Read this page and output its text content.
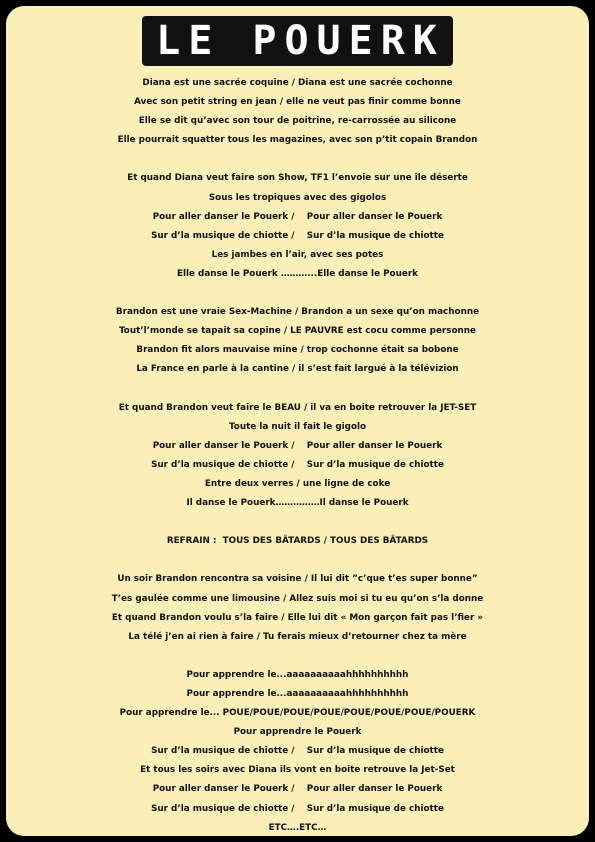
LE POUERK
Diana est une sacrée coquine / Diana est une sacrée cochonne
Avec son petit string en jean / elle ne veut pas finir comme bonne
Elle se dit qu’avec son tour de poitrine, re-carrossée au silicone
Elle pourrait squatter tous les magazines, avec son p’tit copain Brandon
Et quand Diana veut faire son Show, TF1 l’envoie sur une île déserte
Sous les tropiques avec des gigolos
Pour aller danser le Pouerk /    Pour aller danser le Pouerk
Sur d’la musique de chiotte /    Sur d’la musique de chiotte
Les jambes en l’air, avec ses potes
Elle danse le Pouerk ………...Elle danse le Pouerk
Brandon est une vraie Sex-Machine / Brandon a un sexe qu’on machonne
Tout’l’monde se tapait sa copine / LE PAUVRE est cocu comme personne
Brandon fit alors mauvaise mine / trop cochonne était sa bobone
La France en parle à la cantine / il s’est fait largué à la télévizion
Et quand Brandon veut faire le BEAU / il va en boite retrouver la JET-SET
Toute la nuit il fait le gigolo
Pour aller danser le Pouerk /    Pour aller danser le Pouerk
Sur d’la musique de chiotte /    Sur d’la musique de chiotte
Entre deux verres / une ligne de coke
Il danse le Pouerk……………Il danse le Pouerk
REFRAIN :  TOUS DES BÂTARDS / TOUS DES BÂTARDS
Un soir Brandon rencontra sa voisine / Il lui dit ”c’que t’es super bonne”
T’es gaulée comme une limousine / Allez suis moi si tu eu qu’on s’la donne
Et quand Brandon voulu s’la faire / Elle lui dit « Mon garçon fait pas l’fier »
La télé j’en ai rien à faire / Tu ferais mieux d’retourner chez ta mère
Pour apprendre le...aaaaaaaaaahhhhhhhhhh
Pour apprendre le...aaaaaaaaaahhhhhhhhhh
Pour apprendre le... POUE/POUE/POUE/POUE/POUE/POUE/POUE/POUERK
Pour apprendre le Pouerk
Sur d’la musique de chiotte /    Sur d’la musique de chiotte
Et tous les soirs avec Diana ils vont en boite retrouve la Jet-Set
Pour aller danser le Pouerk /    Pour aller danser le Pouerk
Sur d’la musique de chiotte /    Sur d’la musique de chiotte
ETC….ETC…
